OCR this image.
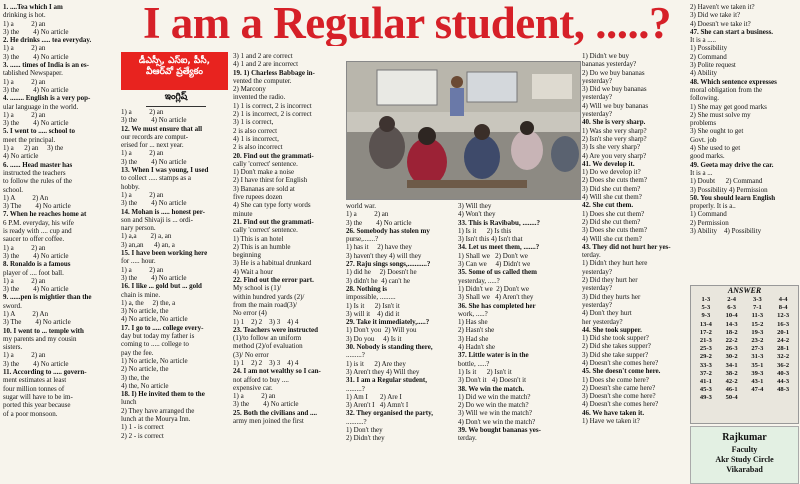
I am a Regular student, .....?
1. ....Tea which I am
drinking is hot.
1) a          2) an
3) the        4) No article
2. He drinks ..... tea everyday.
1) a          2) an
3) the        4) No article
3. ...... times of India is an es-
tablished Newspaper.
1) a          2) an
3) the        4) No article
4. ........ English is a very pop-
ular language in the world.
1) a          2) an
3) the        4) No article
5. I went to ..... school to
meet the principal.
1) a      2) an     3) the
4) No article
6. ...... Head master has
instructed the teachers
to follow the rules of the
school.
1) A          2) An
3) The        4) No article
7. When he reaches home at
6 P.M. everyday, his wife
is ready with .... cup and
saucer to offer coffee.
1) a          2) an
3) the        4) No article
8. Ronaldo is a famous
player of .... foot ball.
1) a          2) an
3) the        4) No article
9. ......pen is mightier than the
sword.
1) A          2) An
3) The        4) No article
10. I went to ... temple with
my parents and my cousin
sisters.
1) a          2) an
3) the        4) No article
11. According to ..... govern-
ment estimates at least
four million tonnes of
sugar will have to be im-
ported this year because
of a poor monsoon.
డీఎస్సీ, ఎస్‌ఐ, పీసీ,
వీఆర్‌వో ప్రత్యేకం
ఇంగ్లిష్
1) a          2) an
3) the        4) No article
12. We must ensure that all
our records are comput-
erised for ... next year.
1) a          2) an
3) the        4) No article
13. When I was young, I used
to collect ..... stamps as a
hobby.
1) a          2) an
3) the        4) No article
14. Mohan is ..... honest per-
son and Shivaji is ... ordi-
nary person.
1) a,a        2) a, an
3) an,an      4) an, a
15. I have been working here
for ..... hour.
1) a          2) an
3) the        4) No article
16. I like ... gold but ... gold
chain is mine.
1) a, the     2) the, a
3) No article, the
4) No article, No article
17. I go to ..... college every-
day but today my father is
coming to ..... college to
pay the fee.
1) No article, No article
2) No article, the
3) the, the
4) the, No article
18. I) He invited them to the
lunch
2) They have arranged the
lunch at the Mourya Inn.
1) 1 - is correct
2) 2 - is correct
3) 1 and 2 are correct
4) 1 and 2 are incorrect
19. 1) Charless Babbage in-
vented the computer.
2) Marcony
invented the radio.
1) 1 is correct, 2 is incorrect
2) 1 is incorrect, 2 is correct
3) 1 is correct,
2 is also correct
4) 1 is incorrect,
2 is also incorrect
20. Find out the grammati-
cally 'correct' sentence.
1) Don't make a noise
2) I have thirst for English
3) Bananas are sold at
five rupees dozen
4) She can type forty words
minute
21. Find out the grammati-
cally 'correct' sentence.
1) This is an hotel
2) This is an humble
beginning
3) He is a habitual drunkard
4) Wait a hour
22. Find out the error part.
My school is (1)/
within hundred yards (2)/
from the main road(3)/
No error (4)
1) 1    2) 2    3) 3    4) 4
23. Teachers were instructed
(1)/to follow an uniform
method (2)/of evaluation
(3)/ No error
1) 1    2) 2    3) 3    4) 4
24. I am not wealthy so I can-
not afford to buy ....
expensive car.
1) a          2) an
3) the        4) No article
25. Both the civilians and ....
army men joined the first
world war.
1) a          2) an
3) the        4) No article
26. Somebody has stolen my
purse,.......?
1) has it     2) have they
3) haven't they 4) will they
27. Raju sings songs,...........?
1) did he     2) Doesn't he
3) didn't he  4) can't he
28. Nothing is
impossible, .........
1) Is it      2) Isn't it
3) will it    4) did it
29. Take it immediately,.....?
1) Don't you  2) Will you
3) Do you     4) Is it
30. Nobody is standing there,
.........?
1) is it      2) Are they
3) Aren't they 4) Will they
31. I am a Regular student,
.........?
1) Am I       2) Are I
3) Aren't I   4) Amn't I
32. They organised the party,
..........?
1) Don't they
2) Didn't they
3) Will they
4) Won't they
33. This is Ravibabu, ........?
1) Is it      2) Is this
3) Isn't this 4) Isn't that
34. Let us meet them, .......?
1) Shall we   2) Don't we
3) Can we     4) Didn't we
35. Some of us called them
yesterday, .....?
1) Didn't we  2) Don't we
3) Shall we   4) Aren't they
36. She has completed her
work, .....?
1) Has she
2) Hasn't she
3) Had she
4) Hadn't she
37. Little water is in the
bottle, .....?
1) Is it      2) Isn't it
3) Don't it   4) Doesn't it
38. We win the match.
1) Did we win the match?
2) Do we win the match?
3) Will we win the match?
4) Don't we win the match?
39. We bought bananas yes-
terday.
1) Didn't we buy
bananas yesterday?
2) Do we buy bananas
yesterday?
3) Did we buy bananas
yesterday?
4) Will we buy bananas
yesterday?
40. She is very sharp.
1) Was she very sharp?
2) Isn't she very sharp?
3) Is she very sharp?
4) Are you very sharp?
41. We develop it.
1) Do we develop it?
2) Does she cuts them?
3) Did she cut them?
4) Will she cut them?
42. She cut them.
1) Does she cut them?
2) Did she cut them?
3) Does she cuts them?
4) Will she cut them?
43. They did not hurt her yes-
terday.
1) Didn't they hurt here
yesterday?
2) Did they hurt her
yesterday?
3) Did they hurts her
yesterday?
4) Don't they hurt
her yesterday?
44. She took supper.
1) Did she took supper?
2) Did she takes supper?
3) Did she take supper?
4) Doesn't she comes here?
45. She doesn't come here.
1) Does she come here?
2) Doesn't she came here?
3) Doesn't she come here?
4) Doesn't she comes here?
46. We have taken it.
1) Have we taken it?
2) Haven't we taken it?
3) Did we take it?
4) Doesn't we take it?
47. She can start a business.
It is a .....
1) Possibility
2) Command
3) Polite request
4) Ability
48. Which sentence expresses
moral obligation from the
following.
1) She may get good marks
2) She must solve my
problems
3) She ought to get
Govt. job
4) She used to get
good marks.
49. Geeta may drive the car.
It is a ...
1) Doubt      2) Command
3) Possibility 4) Permission
50. You should learn English
properly. It is a..
1) Command
2) Permission
3) Ability    4) Possibility
ANSWER
1-3	2-4	3-3	4-4
5-3	6-3	7-1	8-4
9-3	10-4	11-3	12-3
13-4	14-3	15-2	16-3
17-2	18-2	19-3	20-1
21-3	22-2	23-2	24-2
25-3	26-3	27-3	28-1
29-2	30-2	31-3	32-2
33-3	34-1	35-1	36-2
37-2	38-2	39-3	40-3
41-1	42-2	43-1	44-3
45-3	46-1	47-4	48-3
49-3	50-4
Rajkumar
Faculty
Akr Study Circle
Vikarabad
